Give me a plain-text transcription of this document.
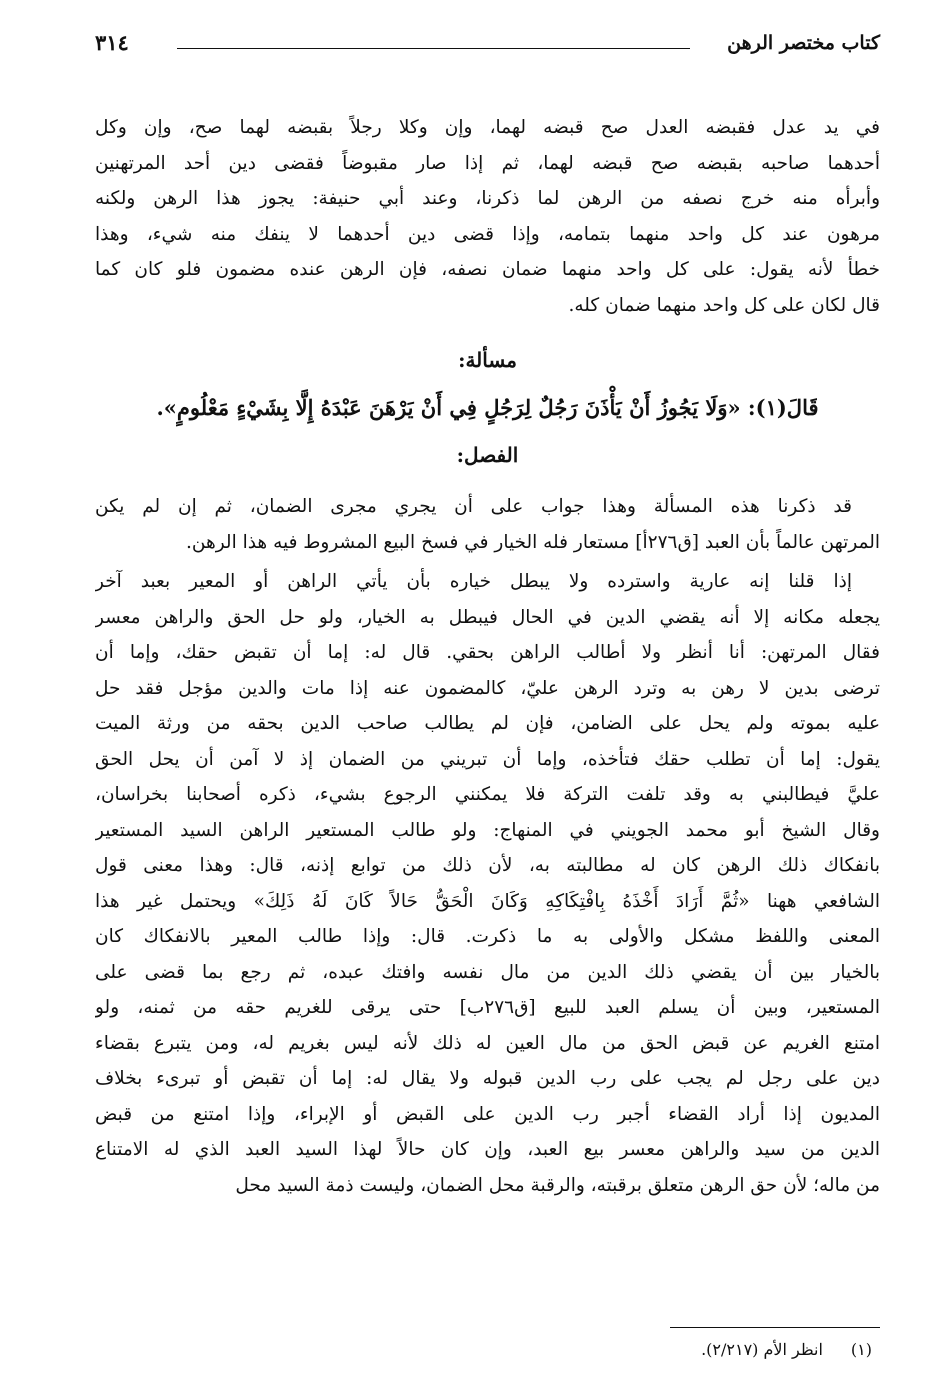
كتاب مختصر الرهن
٣١٤
في يد عدل فقبضه العدل صح قبضه لهما، وإن وكلا رجلاً بقبضه لهما صح، وإن وكل
أحدهما صاحبه بقبضه صح قبضه لهما، ثم إذا صار مقبوضاً فقضى دين أحد المرتهنين
وأبرأه منه خرج نصفه من الرهن لما ذكرنا، وعند أبي حنيفة: يجوز هذا الرهن ولكنه
مرهون عند كل واحد منهما بتمامه، وإذا قضى دين أحدهما لا ينفك منه شيء، وهذا
خطأ لأنه يقول: على كل واحد منهما ضمان نصفه، فإن الرهن عنده مضمون فلو كان كما
قال لكان على كل واحد منهما ضمان كله.
مسألة:
قَالَ(١): «وَلَا يَجُوزُ أَنْ يَأْذَنَ رَجُلٌ لِرَجُلٍ فِي أَنْ يَرْهَنَ عَبْدَهُ إِلَّا بِشَيْءٍ مَعْلُومٍ».
الفصل:
قد ذكرنا هذه المسألة وهذا جواب على أن يجري مجرى الضمان، ثم إن لم يكن
المرتهن عالماً بأن العبد [ق٢٧٦أ] مستعار فله الخيار في فسخ البيع المشروط فيه هذا الرهن.
إذا قلنا إنه عارية واسترده ولا يبطل خياره بأن يأتي الراهن أو المعير بعبد آخر
يجعله مكانه إلا أنه يقضي الدين في الحال فيبطل به الخيار، ولو حل الحق والراهن معسر
فقال المرتهن: أنا أنظر ولا أطالب الراهن بحقي. قال له: إما أن تقبض حقك، وإما أن
ترضى بدين لا رهن به وترد الرهن عليّ، كالمضمون عنه إذا مات والدين مؤجل فقد حل
عليه بموته ولم يحل على الضامن، فإن لم يطالب صاحب الدين بحقه من ورثة الميت
يقول: إما أن تطلب حقك فتأخذه، وإما أن تبريني من الضمان إذ لا آمن أن يحل الحق
عليَّ فيطالبني به وقد تلفت التركة فلا يمكنني الرجوع بشيء، ذكره أصحابنا بخراسان،
وقال الشيخ أبو محمد الجويني في المنهاج: ولو طالب المستعير الراهن السيد المستعير
بانفكاك ذلك الرهن كان له مطالبته به، لأن ذلك من توابع إذنه، قال: وهذا معنى قول
الشافعي ههنا «ثُمَّ أَرَادَ أَخْذَهُ بِافْتِكَاكِهِ وَكَانَ الْحَقُّ حَالاً كَانَ لَهُ ذَلِكَ» ويحتمل غير هذا
المعنى واللفظ مشكل والأولى به ما ذكرت. قال: وإذا طالب المعير بالانفكاك كان
بالخيار بين أن يقضي ذلك الدين من مال نفسه وافتك عبده، ثم رجع بما قضى على
المستعير، وبين أن يسلم العبد للبيع [ق٢٧٦ب] حتى يرقى للغريم حقه من ثمنه، ولو
امتنع الغريم عن قبض الحق من مال العين له ذلك لأنه ليس بغريم له، ومن يتبرع بقضاء
دين على رجل لم يجب على رب الدين قبوله ولا يقال له: إما أن تقبض أو تبرىء بخلاف
المديون إذا أراد القضاء أجبر رب الدين على القبض أو الإبراء، وإذا امتنع من قبض
الدين من سيد والراهن معسر بيع العبد، وإن كان حالاً لهذا السيد العبد الذي له الامتناع
من ماله؛ لأن حق الرهن متعلق برقبته، والرقبة محل الضمان، وليست ذمة السيد محل
(١)انظر الأم (٢/٢١٧).
